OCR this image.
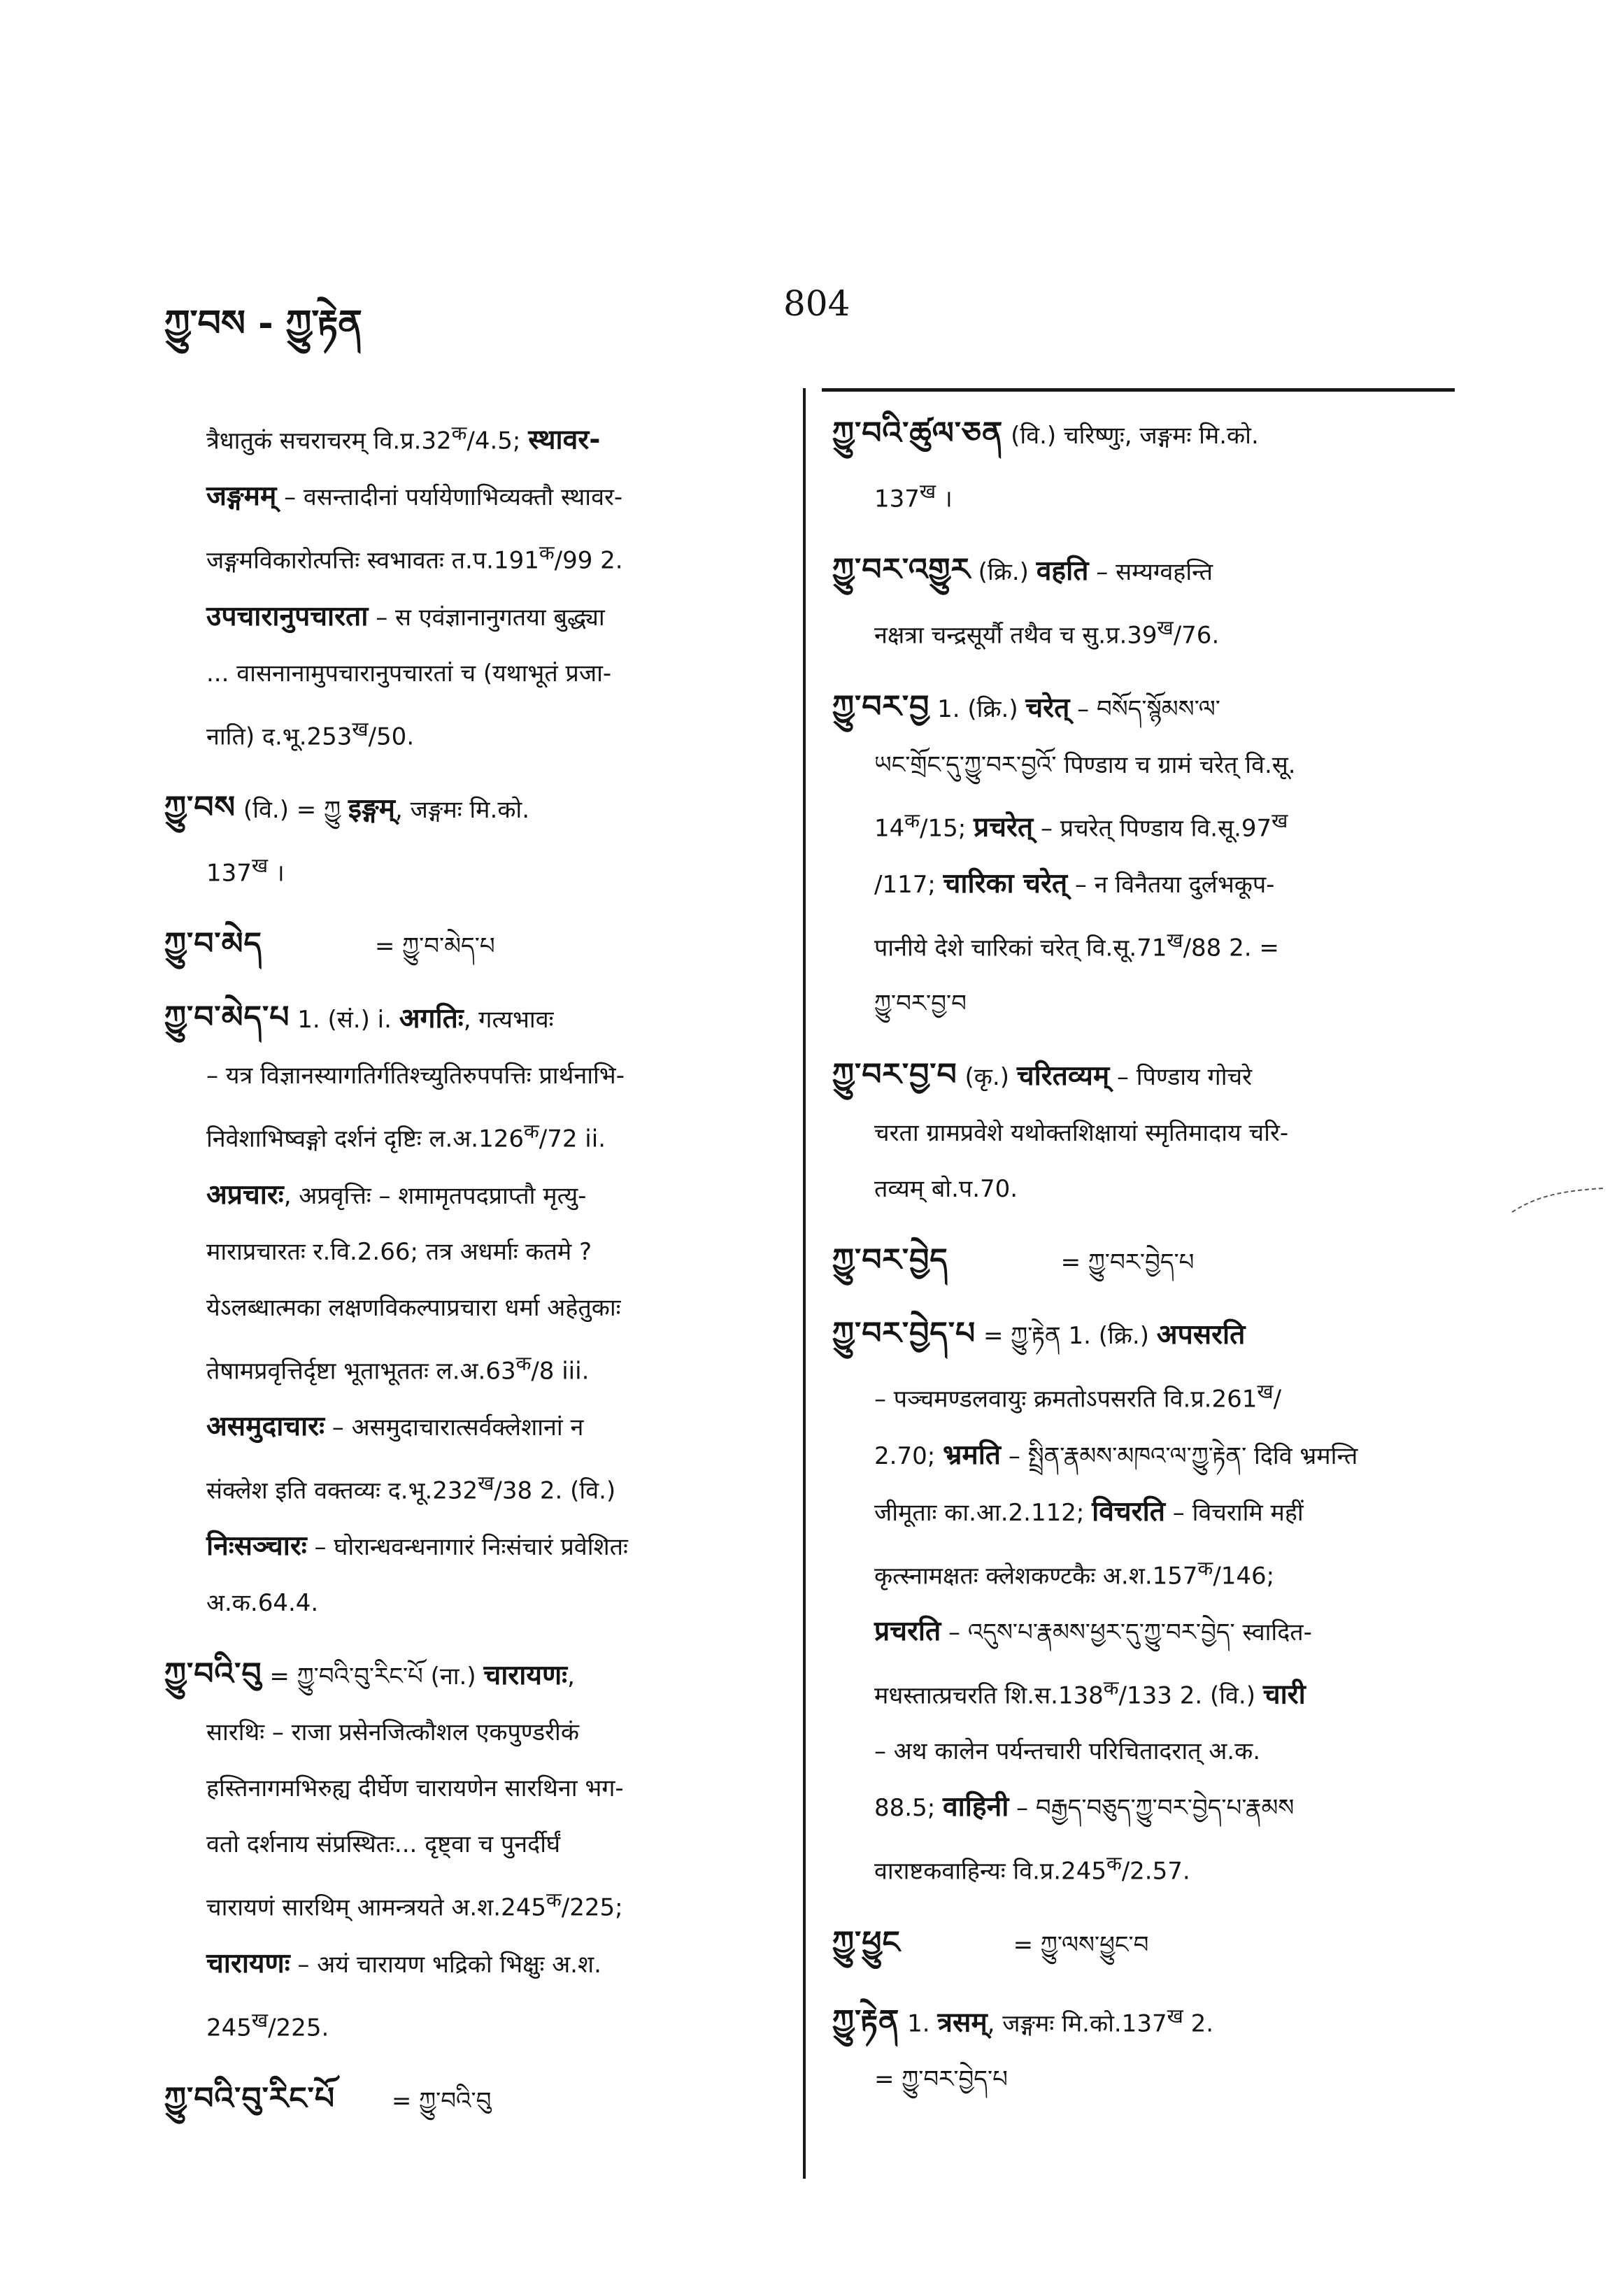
ཀྱུ་བས - ཀྱུ་རྟེན	804
त्रैधातुकं सचराचरम् $वि.प्र.32^क/4.5$; स्थावर-
जङ्गमम् – वसन्तादीनां पर्यायेणाभिव्यक्तौ स्थावर-
जङ्गमविकारोत्पत्तिः स्वभावतः $त.प.191^क/99$ 2.
उपचारानुपचारता – स एवंज्ञानानुगतया बुद्ध्या
... वासनानामुपचारानुपचारतां च (यथाभूतं प्रजा-
नाति) $द.भू.253^ख/50$.
ཀྱུ་བས (वि.) = ཀྱུ इङ्गम्, जङ्गमः मि.को.
$137^ख$ ।
ཀྱུ་བ་མེད	= ཀྱུ་བ་མེད་པ
ཀྱུ་བ་མེད་པ 1. (सं.) i. अगतिः, गत्यभावः
– यत्र विज्ञानस्यागतिर्गतिश्च्युतिरुपपत्तिः प्रार्थनाभि-
निवेशाभिष्वङ्गो दर्शनं दृष्टिः $ल.अ.126^क/72$ ii.
अप्रचारः, अप्रवृत्तिः – शमामृतपदप्राप्तौ मृत्यु-
माराप्रचारतः र.वि.2.66; तत्र अधर्माः कतमे ?
येऽलब्धात्मका लक्षणविकल्पाप्रचारा धर्मा अहेतुकाः
तेषामप्रवृत्तिर्दृष्टा भूताभूततः $ल.अ.63^क/8$ iii.
असमुदाचारः – असमुदाचारात्सर्वक्लेशानां न
संक्लेश इति वक्तव्यः $द.भू.232^ख/38$ 2. (वि.)
निःसञ्चारः – घोरान्धवन्धनागारं निःसंचारं प्रवेशितः
अ.क.64.4.
ཀྱུ་བའི་བུ = ཀྱུ་བའི་བུ་རིང་པོ (ना.) चारायणः,
सारथिः – राजा प्रसेनजित्कौशल एकपुण्डरीकं
हस्तिनागमभिरुह्य दीर्घेण चारायणेन सारथिना भग-
वतो दर्शनाय संप्रस्थितः... दृष्ट्वा च पुनर्दीर्घं
चारायणं सारथिम् आमन्त्रयते $अ.श.245^क/225$;
चारायणः – अयं चारायण भद्रिको भिक्षुः अ.श.
$245^ख/225$.
ཀྱུ་བའི་བུ་རིང་པོ = ཀྱུ་བའི་བུ
ཀྱུ་བའི་ཚུལ་ཅན (वि.) चरिष्णुः, जङ्गमः मि.को.
$137^ख$ ।
ཀྱུ་བར་འགྱུར (क्रि.) वहति – सम्यग्वहन्ति
नक्षत्रा चन्द्रसूर्यौ तथैव च $सु.प्र.39^ख/76$.
ཀྱུ་བར་བྱ 1. (क्रि.) चरेत् – བསོད་སྙོམས་ལ་
ཡང་གྲོང་དུ་ཀྱུ་བར་བྱའོ་ पिण्डाय च ग्रामं चरेत् वि.सू.
$14^क/15$; प्रचरेत् – प्रचरेत् पिण्डाय $वि.सू.97^ख$
/117; चारिका चरेत् – न विनैतया दुर्लभकूप-
पानीये देशे चारिकां चरेत् $वि.सू.71^ख/88$ 2. =
ཀྱུ་བར་བྱ་བ
ཀྱུ་བར་བྱ་བ (कृ.) चरितव्यम् – पिण्डाय गोचरे
चरता ग्रामप्रवेशे यथोक्तशिक्षायां स्मृतिमादाय चरि-
तव्यम् बो.प.70.
ཀྱུ་བར་བྱེད	= ཀྱུ་བར་བྱེད་པ
ཀྱུ་བར་བྱེད་པ = ཀྱུ་རྟེན 1. (क्रि.) अपसरति
– पञ्चमण्डलवायुः क्रमतोऽपसरति $वि.प्र.261^ख/$
2.70; भ्रमति – སྤྲིན་རྣམས་མཁའ་ལ་ཀྱུ་རྟེན་ दिवि भ्रमन्ति
जीमूताः का.आ.2.112; विचरति – विचरामि महीं
कृत्स्नामक्षतः क्लेशकण्टकैः $अ.श.157^क/146$;
प्रचरति – འདུས་པ་རྣམས་ཕྱར་དུ་ཀྱུ་བར་བྱེད་ स्वादित-
मधस्तात्प्रचरति $शि.स.138^क/133$ 2. (वि.) चारी
– अथ कालेन पर्यन्तचारी परिचितादरात् अ.क.
88.5; वाहिनी – བརྒྱད་བཅུད་ཀྱུ་བར་བྱེད་པ་རྣམས
वाराष्टकवाहिन्यः $वि.प्र.245^क/2.57$.
ཀྱུ་ཕྱུང	= ཀྱུ་ལས་ཕྱུང་བ
ཀྱུ་རྟེན 1. त्रसम्, जङ्गमः $मि.को.137^ख$ 2.
= ཀྱུ་བར་བྱེད་པ
